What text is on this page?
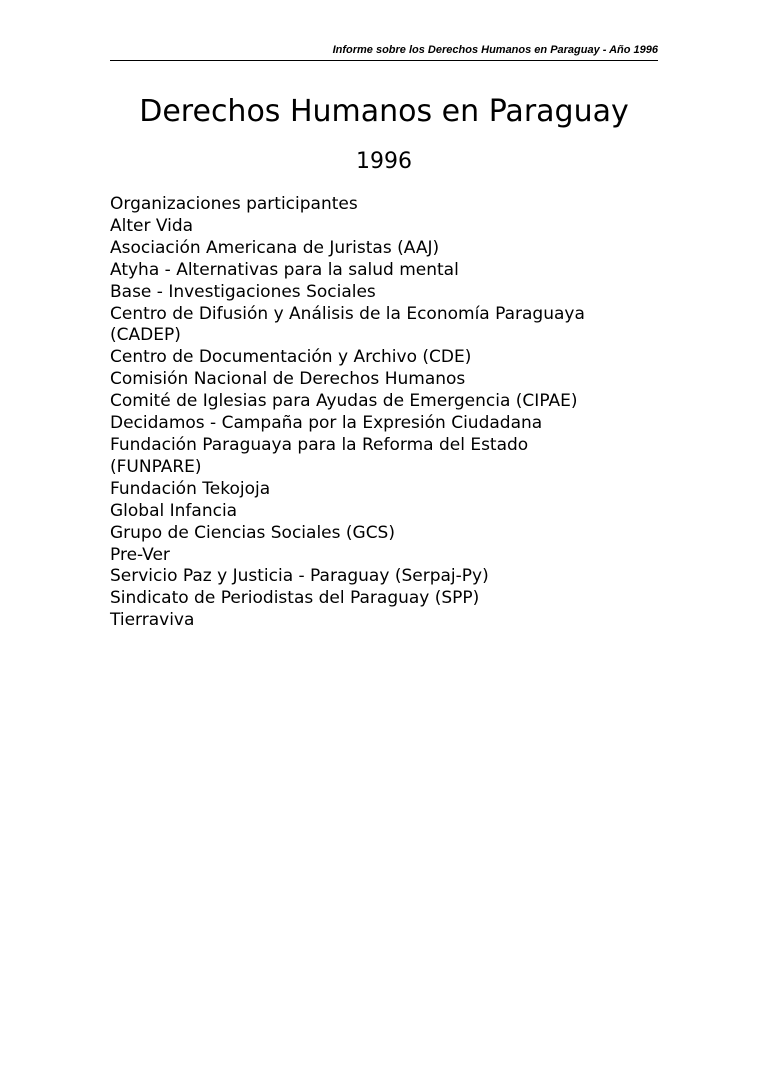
Informe sobre los Derechos Humanos en Paraguay - Año 1996
Derechos Humanos en Paraguay
1996

Organizaciones participantes

Alter Vida

Asociación Americana de Juristas (AAJ)

Atyha - Alternativas para la salud mental

Base - Investigaciones Sociales

Centro de Difusión y Análisis de la Economía Paraguaya

(CADEP)

Centro de Documentación y Archivo (CDE)

Comisión Nacional de Derechos Humanos

Comité de Iglesias para Ayudas de Emergencia (CIPAE)

Decidamos - Campaña por la Expresión Ciudadana

Fundación Paraguaya para la Reforma del Estado

(FUNPARE)

Fundación Tekojoja

Global Infancia

Grupo de Ciencias Sociales (GCS)

Pre-Ver

Servicio Paz y Justicia - Paraguay (Serpaj-Py)

Sindicato de Periodistas del Paraguay (SPP)

Tierraviva
